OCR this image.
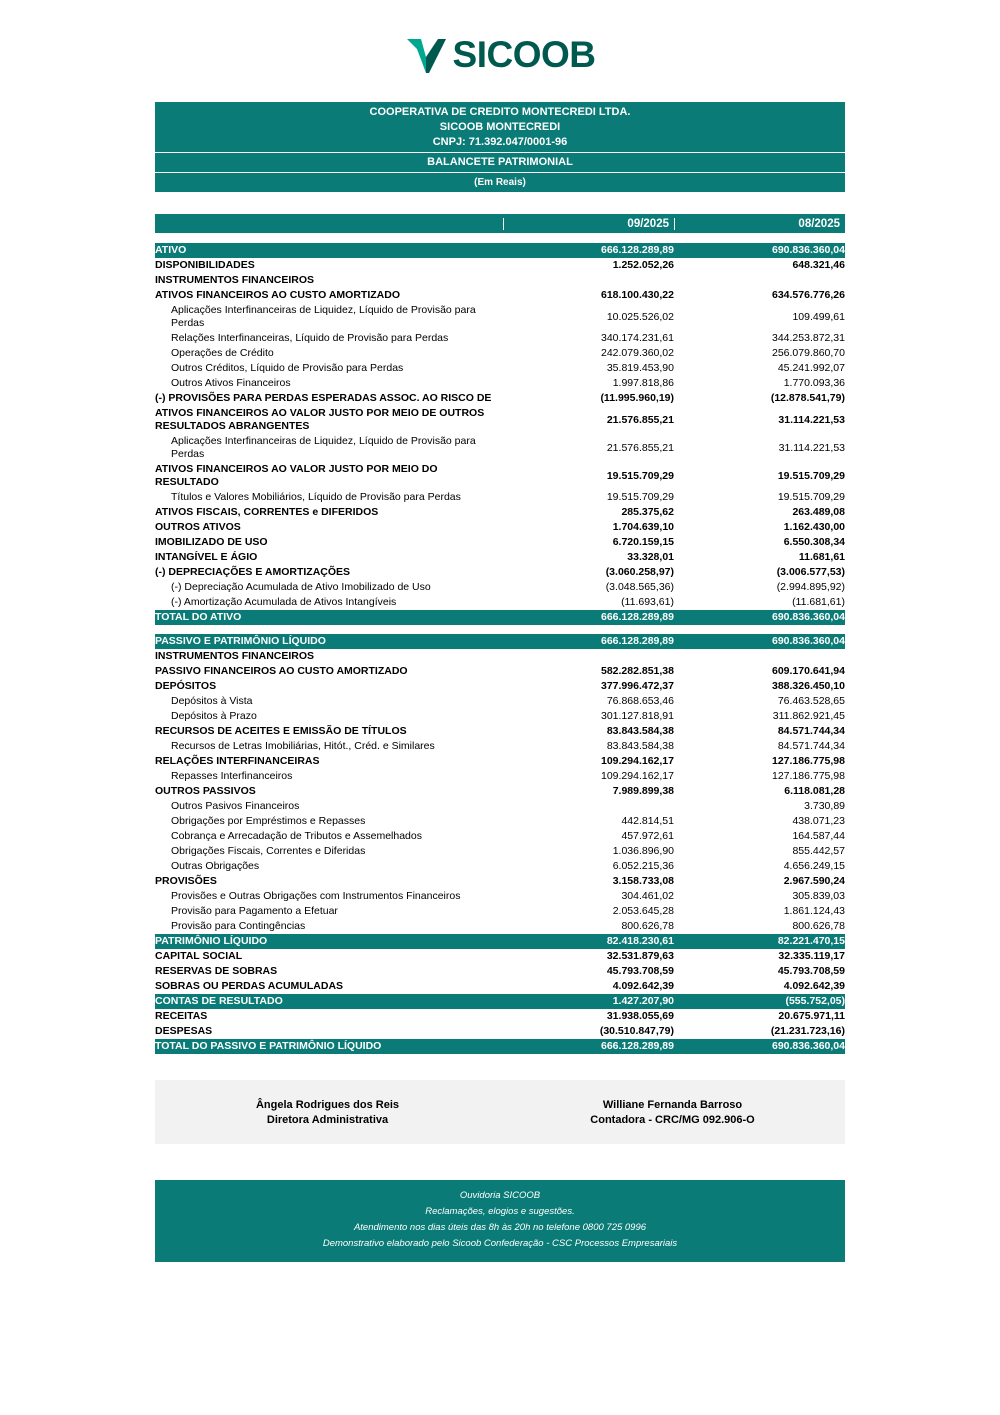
SICOOB
COOPERATIVA DE CREDITO MONTECREDI LTDA.
SICOOB MONTECREDI
CNPJ: 71.392.047/0001-96
BALANCETE PATRIMONIAL
(Em Reais)
09/2025	08/2025
ATIVO	666.128.289,89	690.836.360,04
DISPONIBILIDADES	1.252.052,26	648.321,46
INSTRUMENTOS FINANCEIROS		
ATIVOS FINANCEIROS AO CUSTO AMORTIZADO	618.100.430,22	634.576.776,26
Aplicações Interfinanceiras de Liquidez, Líquido de Provisão para Perdas	10.025.526,02	109.499,61
Relações Interfinanceiras, Líquido de Provisão para Perdas	340.174.231,61	344.253.872,31
Operações de Crédito	242.079.360,02	256.079.860,70
Outros Créditos, Líquido de Provisão para Perdas	35.819.453,90	45.241.992,07
Outros Ativos Financeiros	1.997.818,86	1.770.093,36
(-) PROVISÕES PARA PERDAS ESPERADAS ASSOC. AO RISCO DE	(11.995.960,19)	(12.878.541,79)
ATIVOS FINANCEIROS AO VALOR JUSTO POR MEIO DE OUTROS RESULTADOS ABRANGENTES	21.576.855,21	31.114.221,53
Aplicações Interfinanceiras de Liquidez, Líquido de Provisão para Perdas	21.576.855,21	31.114.221,53
ATIVOS FINANCEIROS AO VALOR JUSTO POR MEIO DO RESULTADO	19.515.709,29	19.515.709,29
Títulos e Valores Mobiliários, Líquido de Provisão para Perdas	19.515.709,29	19.515.709,29
ATIVOS FISCAIS, CORRENTES e DIFERIDOS	285.375,62	263.489,08
OUTROS ATIVOS	1.704.639,10	1.162.430,00
IMOBILIZADO DE USO	6.720.159,15	6.550.308,34
INTANGÍVEL E ÁGIO	33.328,01	11.681,61
(-) DEPRECIAÇÕES E AMORTIZAÇÕES	(3.060.258,97)	(3.006.577,53)
(-) Depreciação Acumulada de Ativo Imobilizado de Uso	(3.048.565,36)	(2.994.895,92)
(-) Amortização Acumulada de Ativos Intangíveis	(11.693,61)	(11.681,61)
TOTAL DO ATIVO	666.128.289,89	690.836.360,04

PASSIVO E PATRIMÔNIO LÍQUIDO	666.128.289,89	690.836.360,04
INSTRUMENTOS FINANCEIROS		
PASSIVO FINANCEIROS AO CUSTO AMORTIZADO	582.282.851,38	609.170.641,94
DEPÓSITOS	377.996.472,37	388.326.450,10
Depósitos à Vista	76.868.653,46	76.463.528,65
Depósitos à Prazo	301.127.818,91	311.862.921,45
RECURSOS DE ACEITES E EMISSÃO DE TÍTULOS	83.843.584,38	84.571.744,34
Recursos de Letras Imobiliárias, Hitót., Créd. e Similares	83.843.584,38	84.571.744,34
RELAÇÕES INTERFINANCEIRAS	109.294.162,17	127.186.775,98
Repasses Interfinanceiros	109.294.162,17	127.186.775,98
OUTROS PASSIVOS	7.989.899,38	6.118.081,28
Outros Pasivos Financeiros		3.730,89
Obrigações por Empréstimos e Repasses	442.814,51	438.071,23
Cobrança e Arrecadação de Tributos e Assemelhados	457.972,61	164.587,44
Obrigações Fiscais, Correntes e Diferidas	1.036.896,90	855.442,57
Outras Obrigações	6.052.215,36	4.656.249,15
PROVISÕES	3.158.733,08	2.967.590,24
Provisões e Outras Obrigações com Instrumentos Financeiros	304.461,02	305.839,03
Provisão para Pagamento a Efetuar	2.053.645,28	1.861.124,43
Provisão para Contingências	800.626,78	800.626,78
PATRIMÔNIO LÍQUIDO	82.418.230,61	82.221.470,15
CAPITAL SOCIAL	32.531.879,63	32.335.119,17
RESERVAS DE SOBRAS	45.793.708,59	45.793.708,59
SOBRAS OU PERDAS ACUMULADAS	4.092.642,39	4.092.642,39
CONTAS DE RESULTADO	1.427.207,90	(555.752,05)
RECEITAS	31.938.055,69	20.675.971,11
DESPESAS	(30.510.847,79)	(21.231.723,16)
TOTAL DO PASSIVO E PATRIMÔNIO LÍQUIDO	666.128.289,89	690.836.360,04
Ângela Rodrigues dos Reis
Diretora Administrativa
Williane Fernanda Barroso
Contadora - CRC/MG 092.906-O
Ouvidoria SICOOB
Reclamações, elogios e sugestões.
Atendimento nos dias úteis das 8h às 20h no telefone 0800 725 0996
Demonstrativo elaborado pelo Sicoob Confederação - CSC Processos Empresariais
